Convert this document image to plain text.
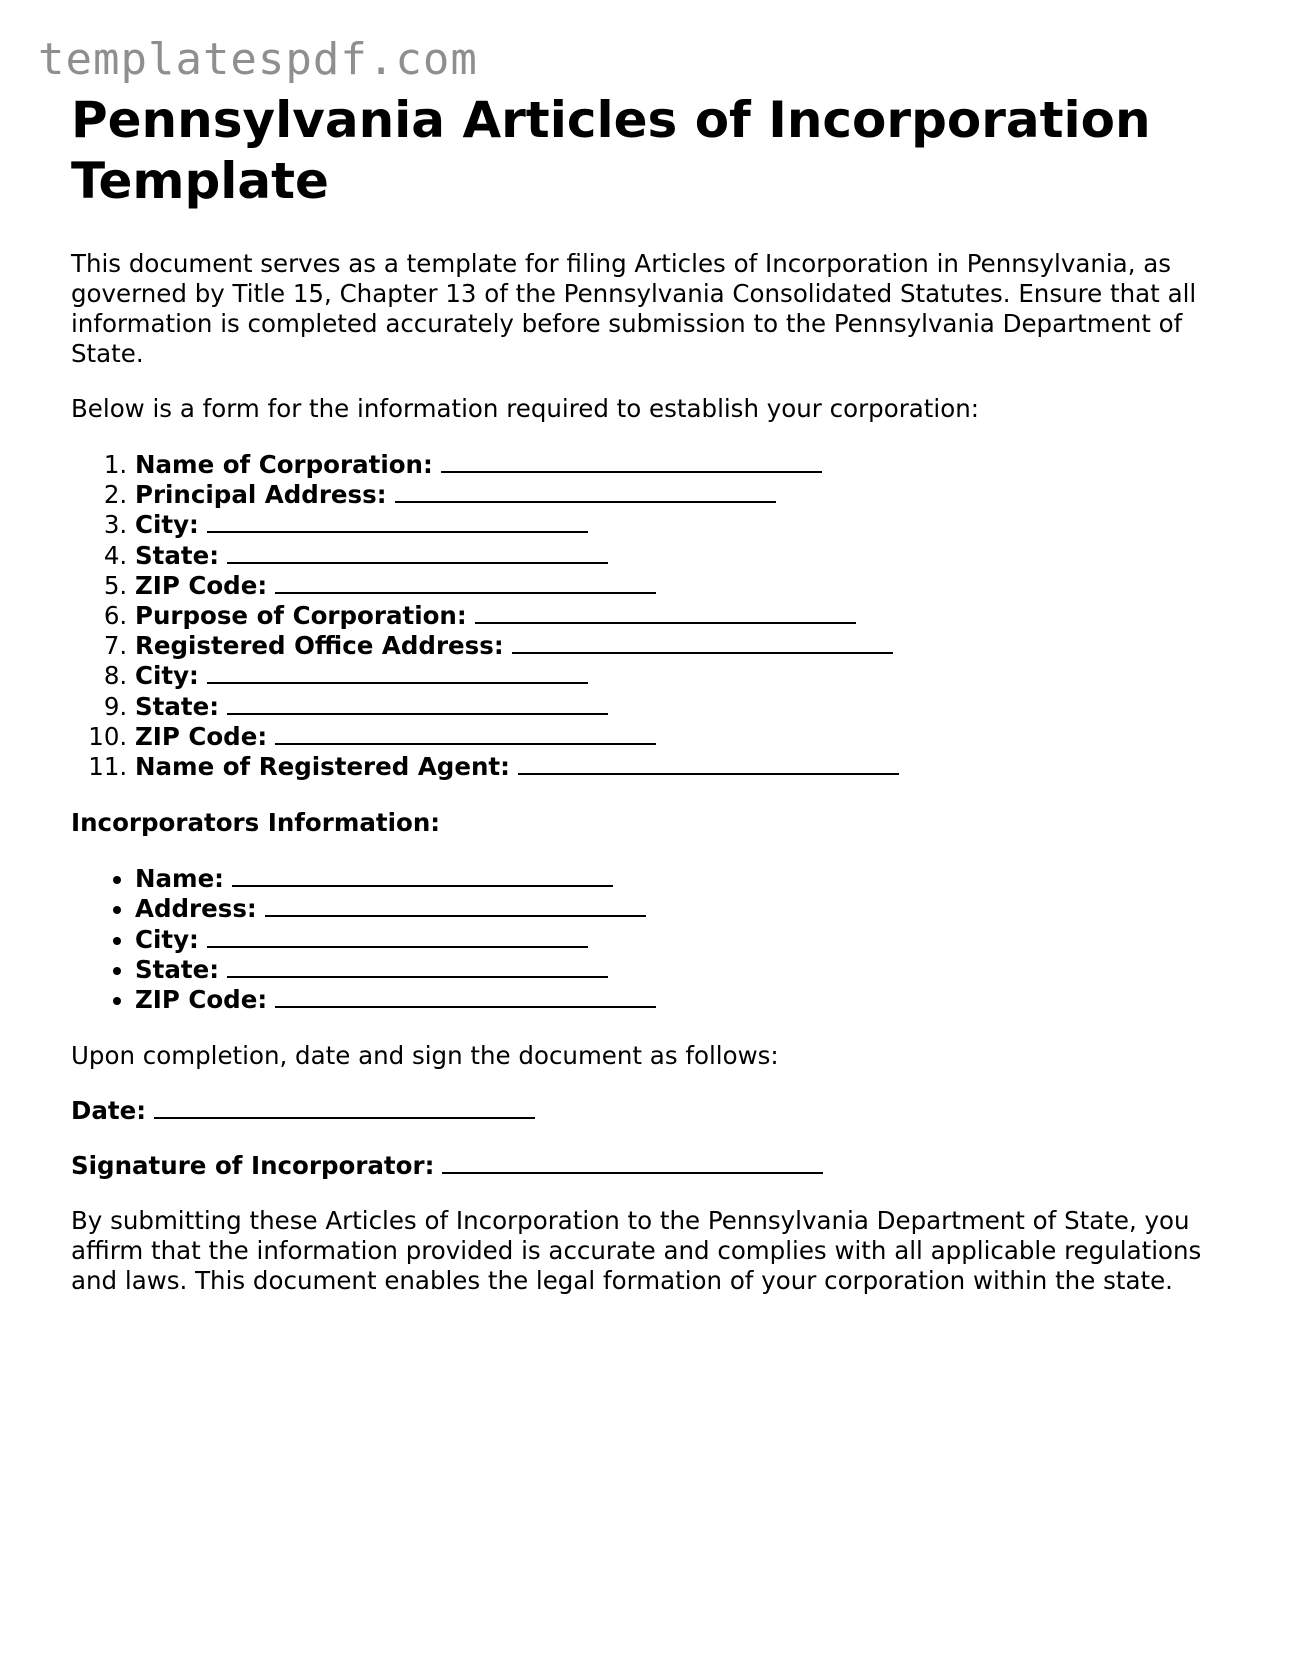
templatespdf.com
Pennsylvania Articles of Incorporation Template

This document serves as a template for filing Articles of Incorporation in Pennsylvania, as governed by Title 15, Chapter 13 of the Pennsylvania Consolidated Statutes. Ensure that all information is completed accurately before submission to the Pennsylvania Department of State.

Below is a form for the information required to establish your corporation:

1. Name of Corporation:
2. Principal Address:
3. City:
4. State:
5. ZIP Code:
6. Purpose of Corporation:
7. Registered Office Address:
8. City:
9. State:
10. ZIP Code:
11. Name of Registered Agent:

Incorporators Information:

• Name:
• Address:
• City:
• State:
• ZIP Code:

Upon completion, date and sign the document as follows:

Date:

Signature of Incorporator:

By submitting these Articles of Incorporation to the Pennsylvania Department of State, you affirm that the information provided is accurate and complies with all applicable regulations and laws. This document enables the legal formation of your corporation within the state.
